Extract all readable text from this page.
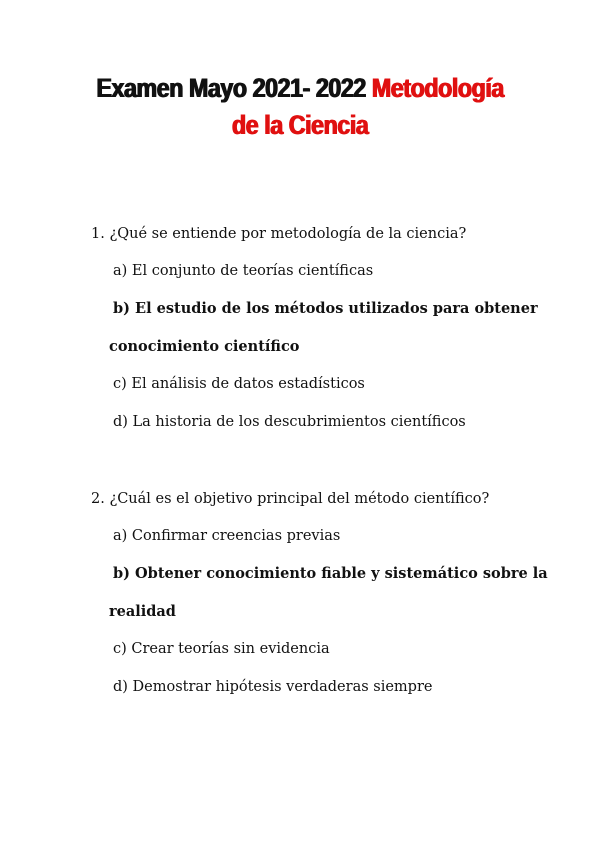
Examen Mayo 2021- 2022 Metodología
de la Ciencia
1. ¿Qué se entiende por metodología de la ciencia?
a) El conjunto de teorías científicas
b) El estudio de los métodos utilizados para obtener
conocimiento científico
c) El análisis de datos estadísticos
d) La historia de los descubrimientos científicos
2. ¿Cuál es el objetivo principal del método científico?
a) Confirmar creencias previas
b) Obtener conocimiento fiable y sistemático sobre la
realidad
c) Crear teorías sin evidencia
d) Demostrar hipótesis verdaderas siempre
